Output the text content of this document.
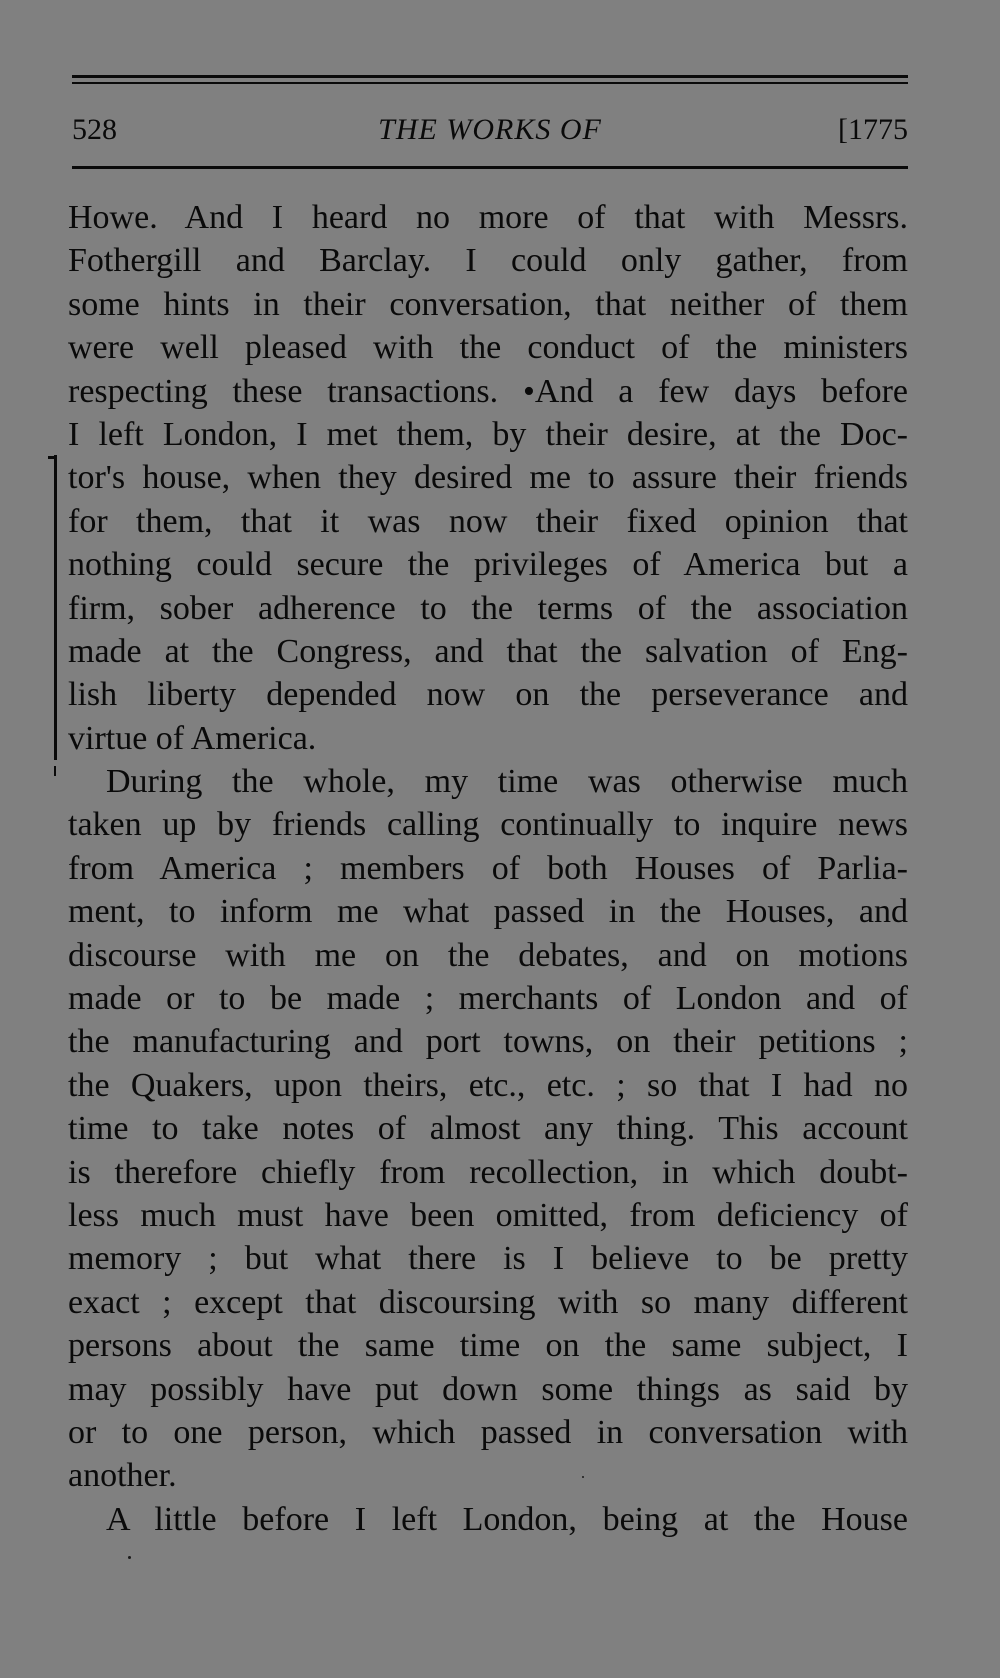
528	THE WORKS OF	[1775
Howe. And I heard no more of that with Messrs.
Fothergill and Barclay. I could only gather, from
some hints in their conversation, that neither of them
were well pleased with the conduct of the ministers
respecting these transactions. •And a few days before
I left London, I met them, by their desire, at the Doc-
tor's house, when they desired me to assure their friends
for them, that it was now their fixed opinion that
nothing could secure the privileges of America but a
firm, sober adherence to the terms of the association
made at the Congress, and that the salvation of Eng-
lish liberty depended now on the perseverance and
virtue of America.
During the whole, my time was otherwise much
taken up by friends calling continually to inquire news
from America ; members of both Houses of Parlia-
ment, to inform me what passed in the Houses, and
discourse with me on the debates, and on motions
made or to be made ; merchants of London and of
the manufacturing and port towns, on their petitions ;
the Quakers, upon theirs, etc., etc. ; so that I had no
time to take notes of almost any thing. This account
is therefore chiefly from recollection, in which doubt-
less much must have been omitted, from deficiency of
memory ; but what there is I believe to be pretty
exact ; except that discoursing with so many different
persons about the same time on the same subject, I
may possibly have put down some things as said by
or to one person, which passed in conversation with
another.
A little before I left London, being at the House
